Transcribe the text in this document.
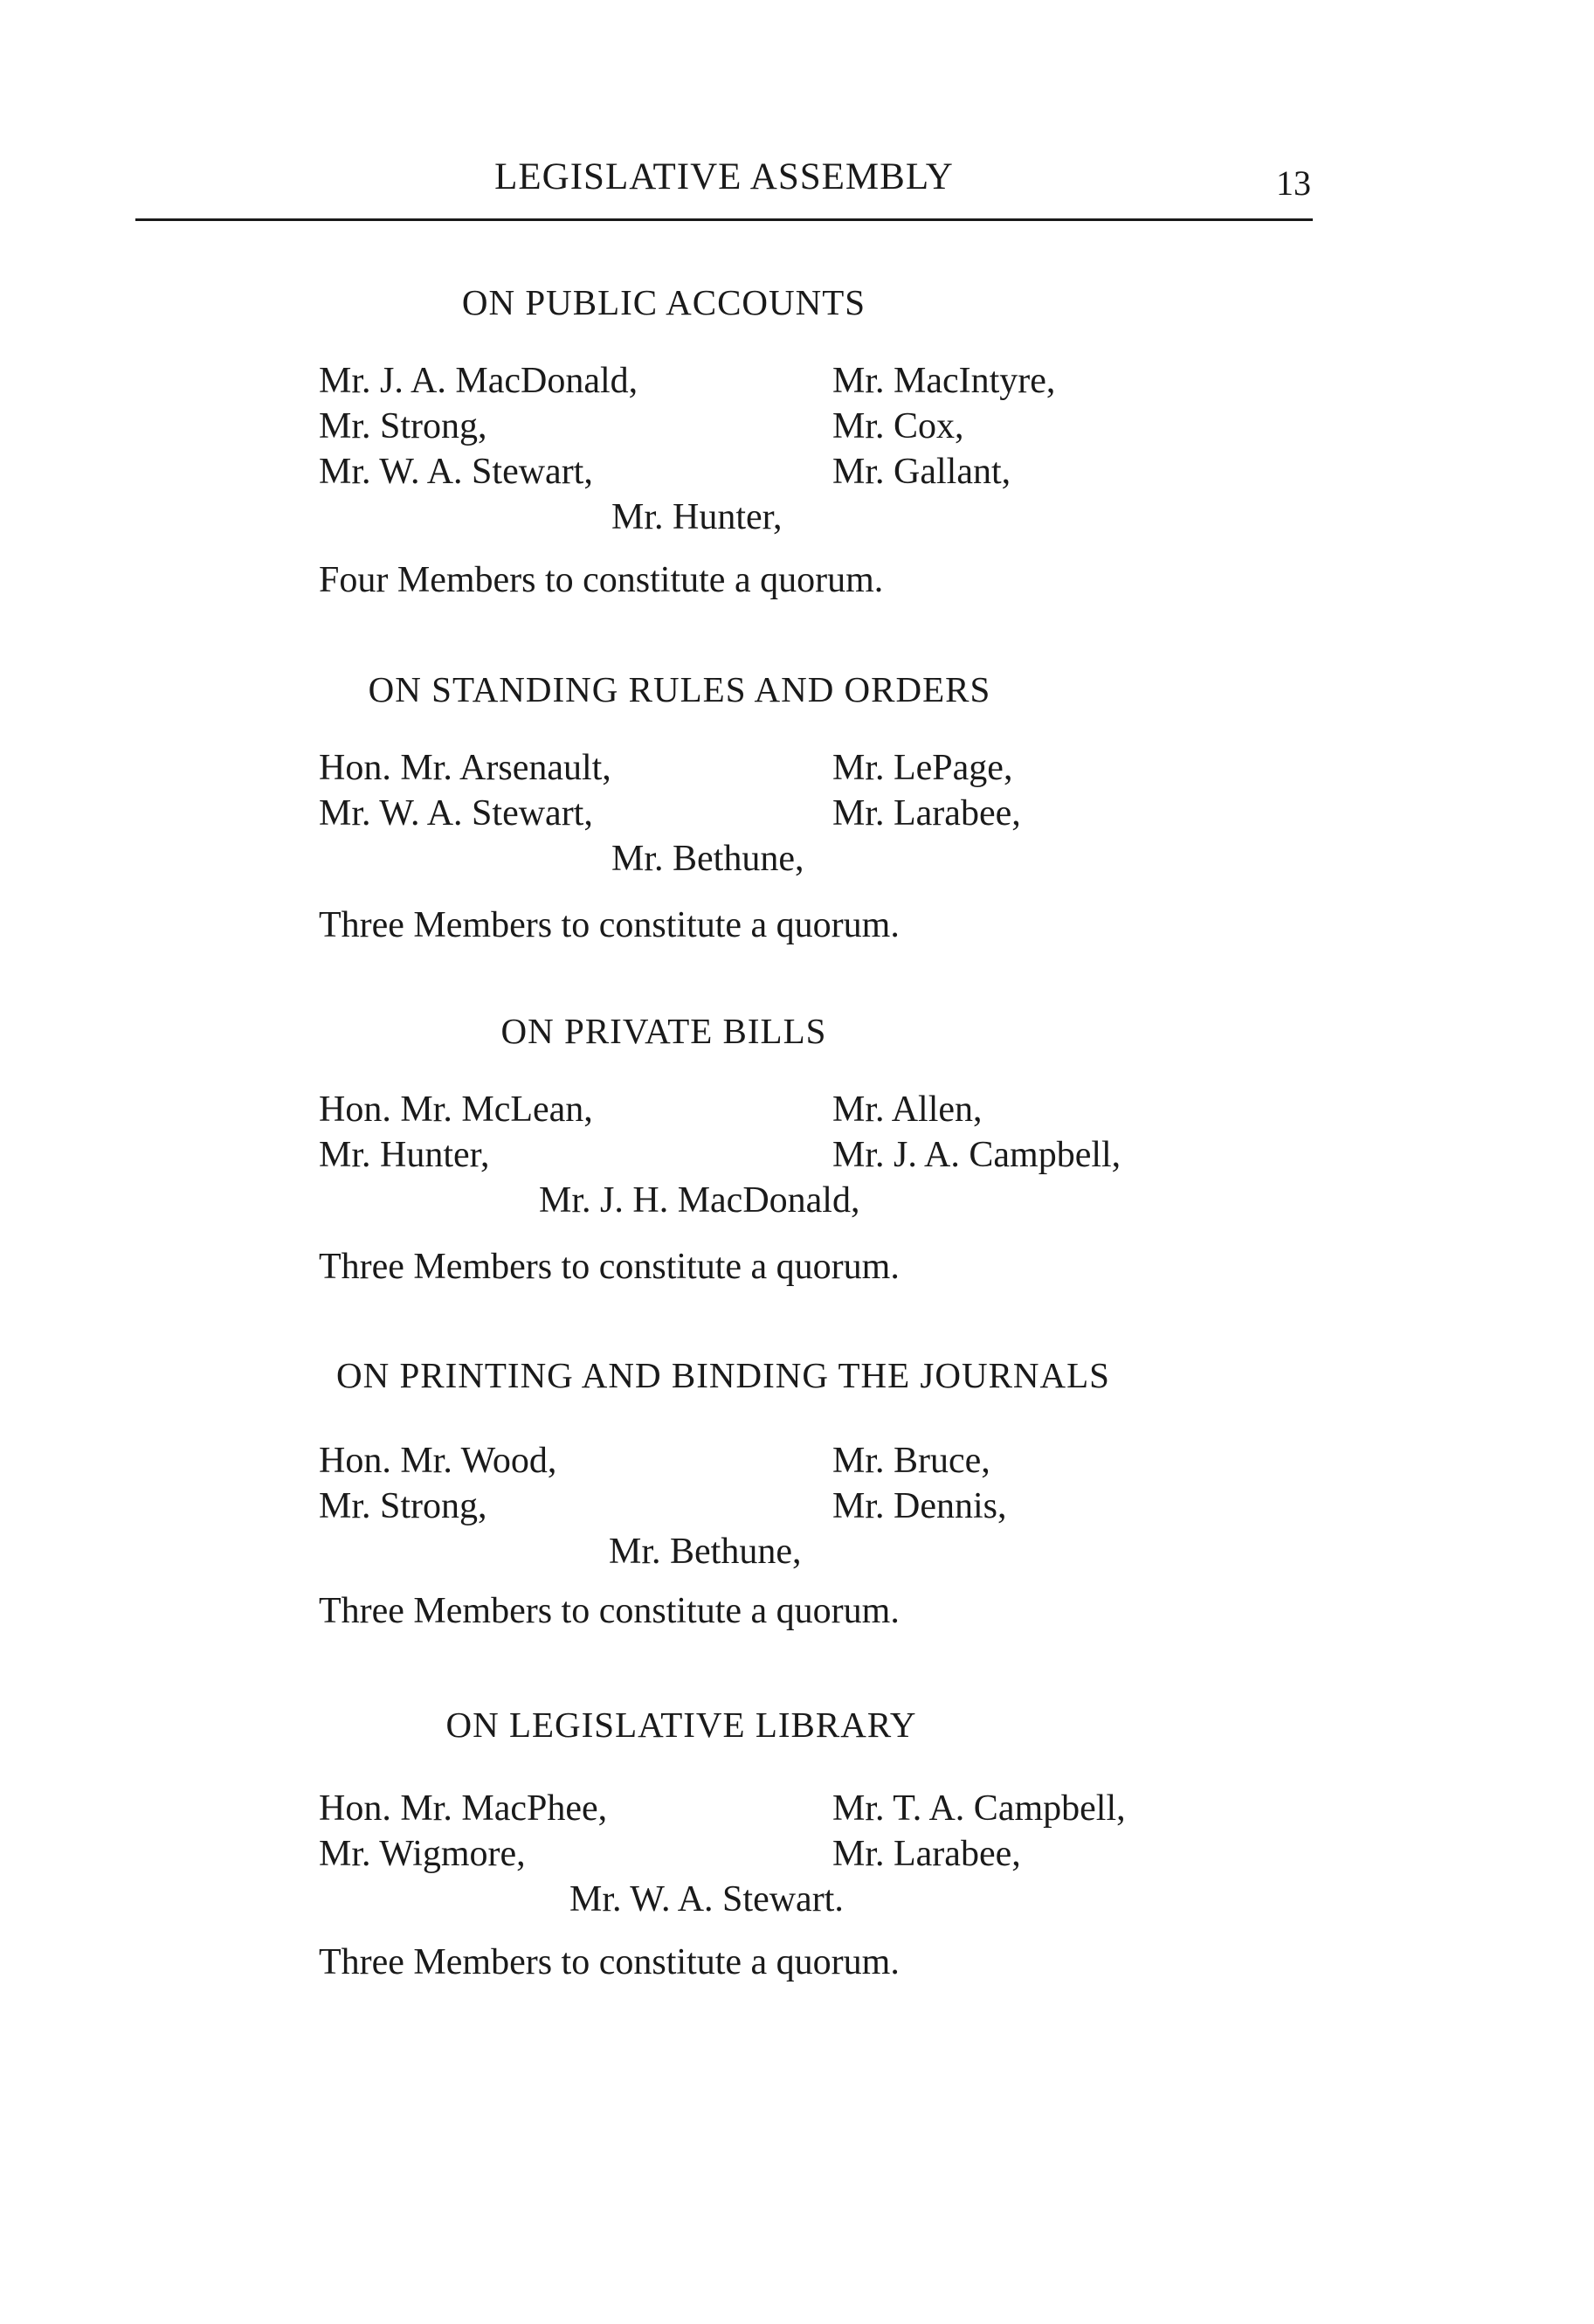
LEGISLATIVE ASSEMBLY	13
ON PUBLIC ACCOUNTS
Mr. J. A. MacDonald,	Mr. MacIntyre,
Mr. Strong,	Mr. Cox,
Mr. W. A. Stewart,	Mr. Gallant,
Mr. Hunter,
Four Members to constitute a quorum.
ON STANDING RULES AND ORDERS
Hon. Mr. Arsenault,	Mr. LePage,
Mr. W. A. Stewart,	Mr. Larabee,
Mr. Bethune,
Three Members to constitute a quorum.
ON PRIVATE BILLS
Hon. Mr. McLean,	Mr. Allen,
Mr. Hunter,	Mr. J. A. Campbell,
Mr. J. H. MacDonald,
Three Members to constitute a quorum.
ON PRINTING AND BINDING THE JOURNALS
Hon. Mr. Wood,	Mr. Bruce,
Mr. Strong,	Mr. Dennis,
Mr. Bethune,
Three Members to constitute a quorum.
ON LEGISLATIVE LIBRARY
Hon. Mr. MacPhee,	Mr. T. A. Campbell,
Mr. Wigmore,	Mr. Larabee,
Mr. W. A. Stewart.
Three Members to constitute a quorum.
